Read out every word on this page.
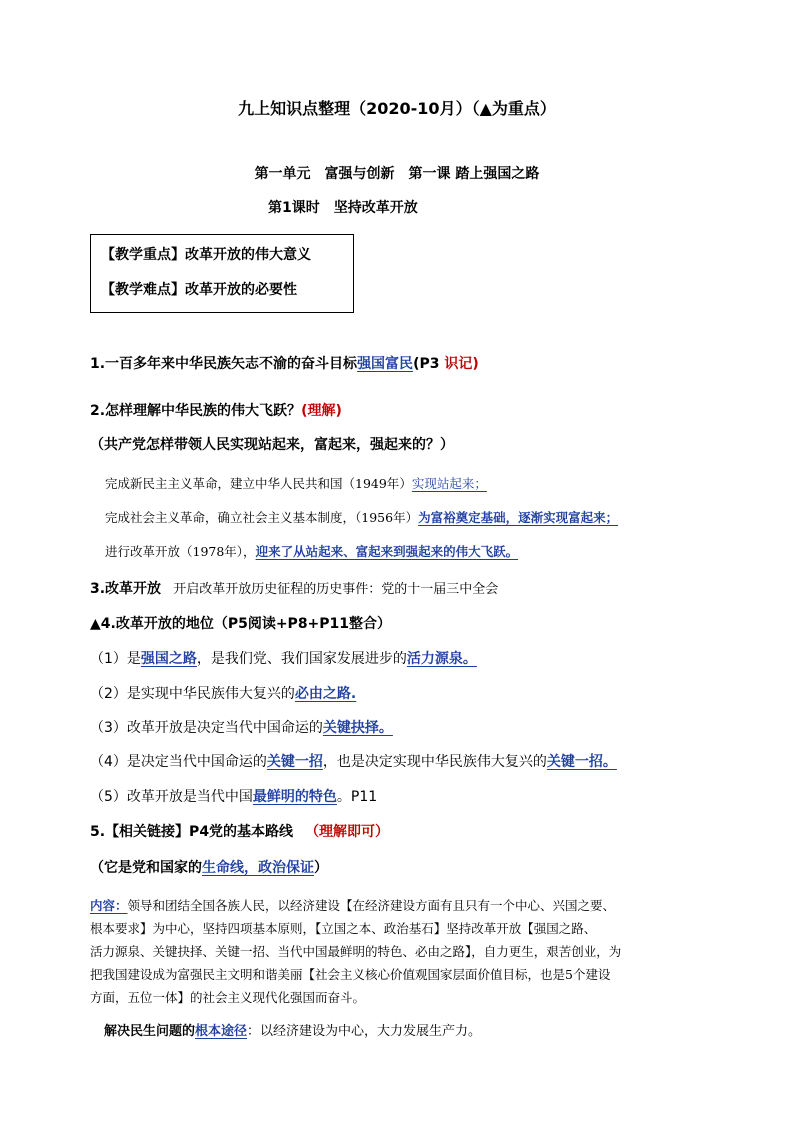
九上知识点整理（2020-10月）（▲为重点）
第一单元　富强与创新　第一课 踏上强国之路
第1课时　坚持改革开放
【教学重点】改革开放的伟大意义
【教学难点】改革开放的必要性
1.一百多年来中华民族矢志不渝的奋斗目标强国富民(P3 识记)
2.怎样理解中华民族的伟大飞跃？(理解)
（共产党怎样带领人民实现站起来，富起来，强起来的？）
完成新民主主义革命，建立中华人民共和国（1949年）实现站起来；
完成社会主义革命，确立社会主义基本制度，（1956年）为富裕奠定基础，逐渐实现富起来；
进行改革开放（1978年），迎来了从站起来、富起来到强起来的伟大飞跃。
3.改革开放 开启改革开放历史征程的历史事件：党的十一届三中全会
▲4.改革开放的地位（P5阅读+P8+P11整合）
（1）是强国之路，是我们党、我们国家发展进步的活力源泉。
（2）是实现中华民族伟大复兴的必由之路.
（3）改革开放是决定当代中国命运的关键抉择。
（4）是决定当代中国命运的关键一招，也是决定实现中华民族伟大复兴的关键一招。
（5）改革开放是当代中国最鲜明的特色。P11
5.【相关链接】P4党的基本路线 （理解即可）
（它是党和国家的生命线，政治保证）
内容：领导和团结全国各族人民，以经济建设【在经济建设方面有且只有一个中心、兴国之要、
根本要求】为中心，坚持四项基本原则，【立国之本、政治基石】坚持改革开放【强国之路、
活力源泉、关键抉择、关键一招、当代中国最鲜明的特色、必由之路】，自力更生，艰苦创业，为
把我国建设成为富强民主文明和谐美丽【社会主义核心价值观国家层面价值目标，也是5个建设
方面，五位一体】的社会主义现代化强国而奋斗。
解决民生问题的根本途径：以经济建设为中心，大力发展生产力。
